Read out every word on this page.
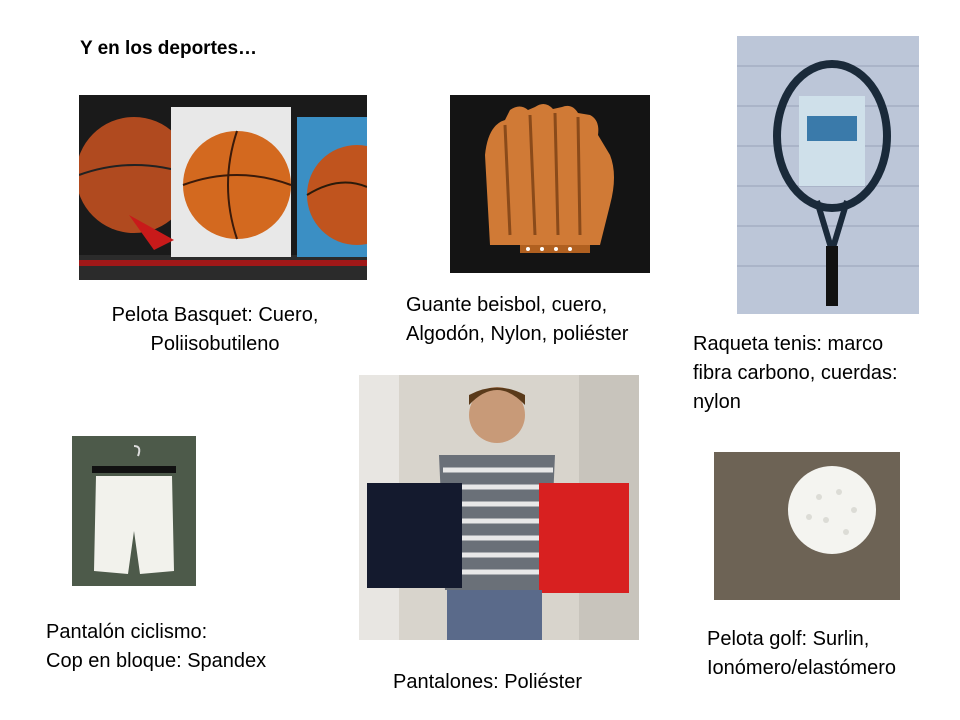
Y en los deportes…
Pelota Basquet: Cuero,
Poliisobutileno
Guante beisbol, cuero,
Algodón, Nylon, poliéster	Raqueta tenis: marco
fibra carbono, cuerdas:
nylon
Pantalón ciclismo:
Cop en bloque: Spandex
Pantalones: Poliéster
Pelota golf: Surlin,
Ionómero/elastómero
